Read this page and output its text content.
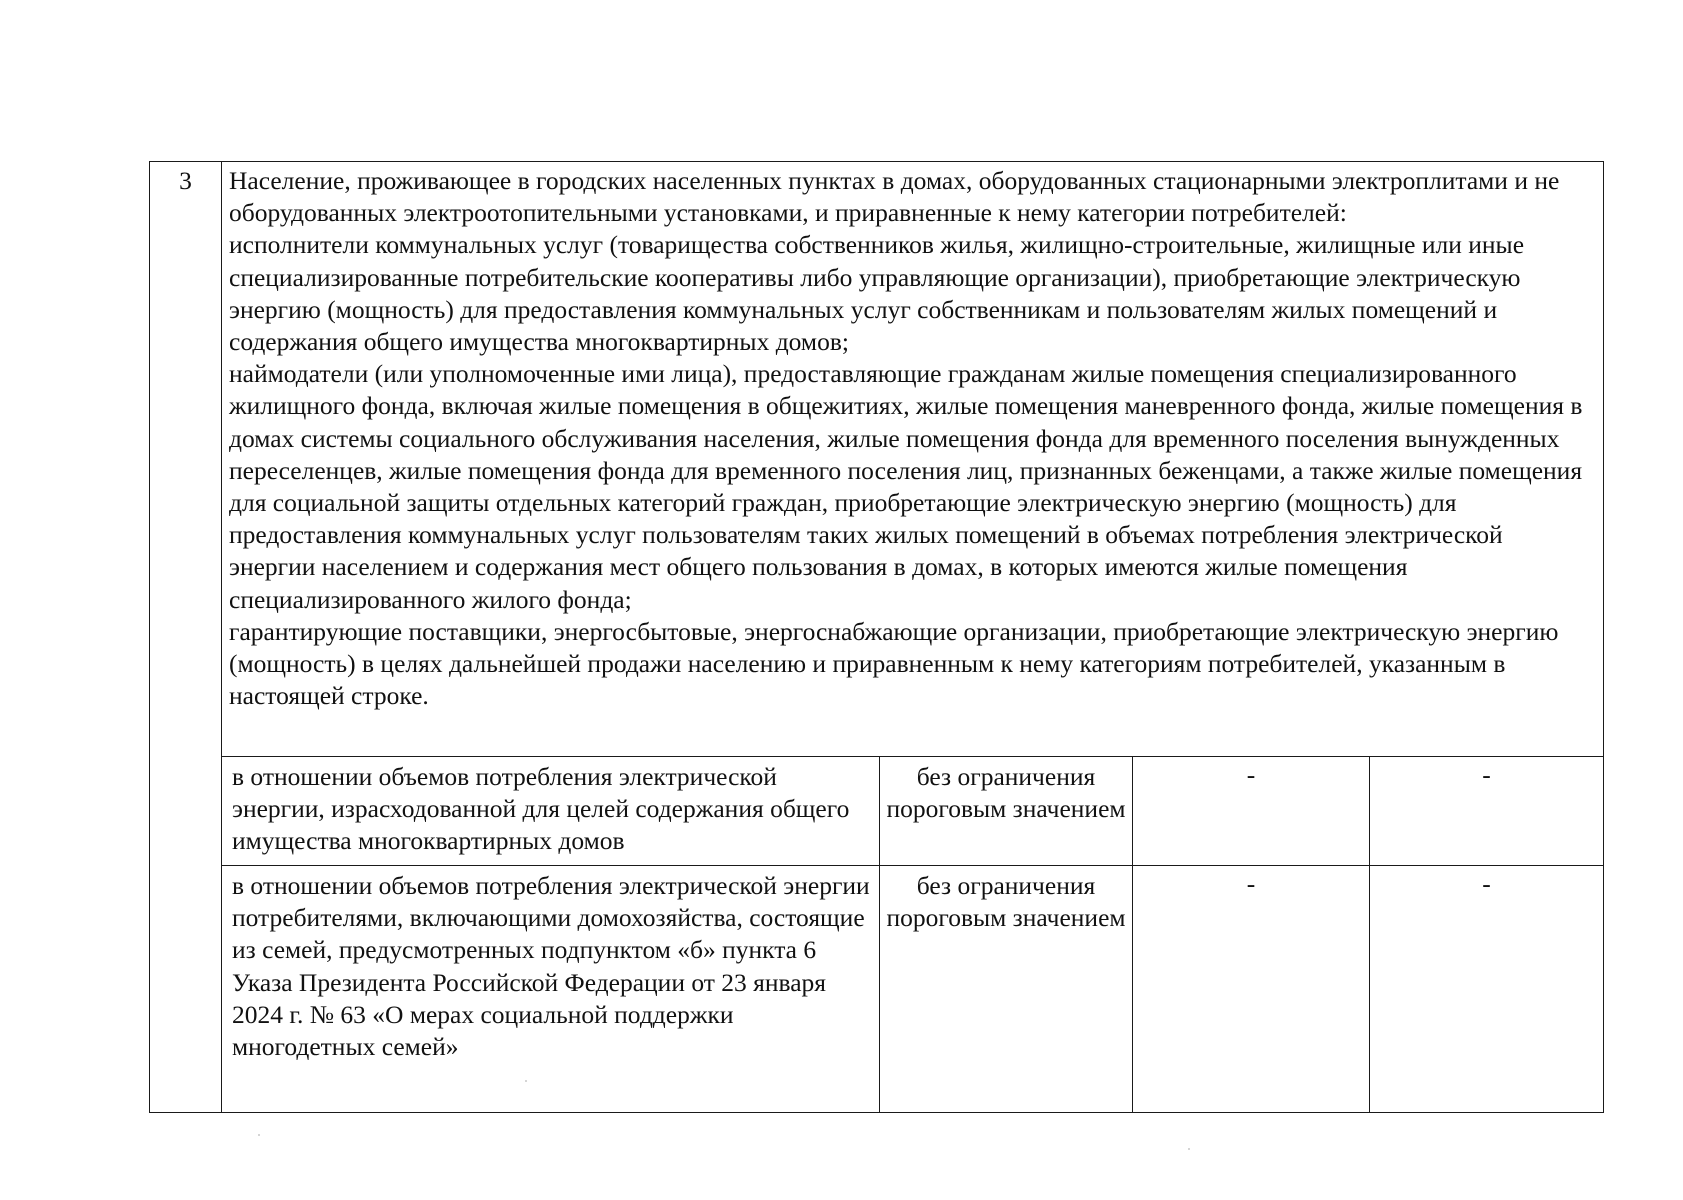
3	Население, проживающее в городских населенных пунктах в домах, оборудованных стационарными электроплитами и не оборудованных электроотопительными установками, и приравненные к нему категории потребителей:

исполнители коммунальных услуг (товарищества собственников жилья, жилищно-строительные, жилищные или иные специализированные потребительские кооперативы либо управляющие организации), приобретающие электрическую энергию (мощность) для предоставления коммунальных услуг собственникам и пользователям жилых помещений и содержания общего имущества многоквартирных домов;

наймодатели (или уполномоченные ими лица), предоставляющие гражданам жилые помещения специализированного жилищного фонда, включая жилые помещения в общежитиях, жилые помещения маневренного фонда, жилые помещения в домах системы социального обслуживания населения, жилые помещения фонда для временного поселения вынужденных переселенцев, жилые помещения фонда для временного поселения лиц, признанных беженцами, а также жилые помещения для социальной защиты отдельных категорий граждан, приобретающие электрическую энергию (мощность) для предоставления коммунальных услуг пользователям таких жилых помещений в объемах потребления электрической энергии населением и содержания мест общего пользования в домах, в которых имеются жилые помещения специализированного жилого фонда;

гарантирующие поставщики, энергосбытовые, энергоснабжающие организации, приобретающие электрическую энергию (мощность) в целях дальнейшей продажи населению и приравненным к нему категориям потребителей, указанным в настоящей строке.			

	в отношении объемов потребления электрической энергии, израсходованной для целей содержания общего имущества многоквартирных домов	без ограничения пороговым значением	-	-
	в отношении объемов потребления электрической энергии потребителями, включающими домохозяйства, состоящие из семей, предусмотренных подпунктом «б» пункта 6 Указа Президента Российской Федерации от 23 января 2024 г. № 63 «О мерах социальной поддержки многодетных семей»	без ограничения пороговым значением	-	-
